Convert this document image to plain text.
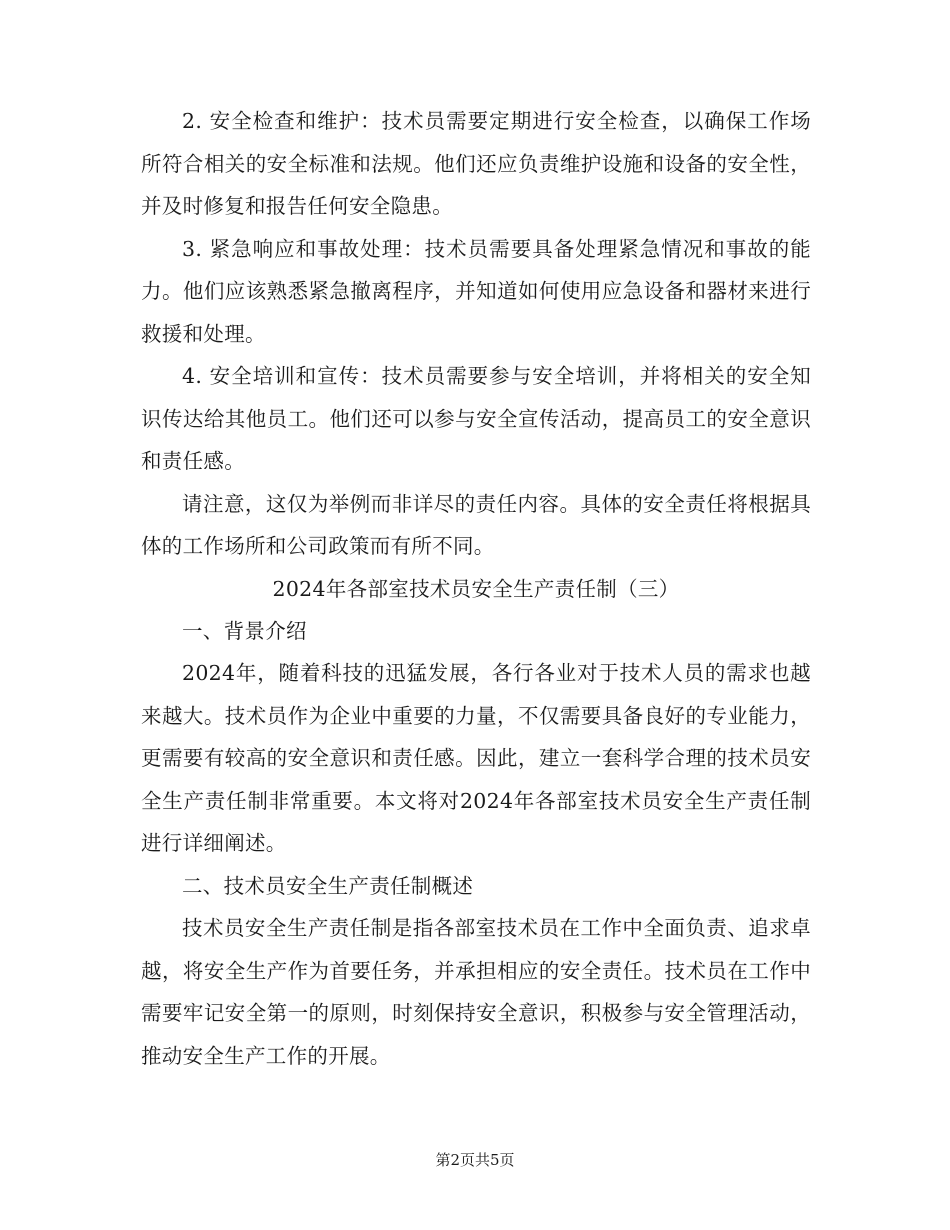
2. 安全检查和维护：技术员需要定期进行安全检查，以确保工作场所符合相关的安全标准和法规。他们还应负责维护设施和设备的安全性，并及时修复和报告任何安全隐患。

3. 紧急响应和事故处理：技术员需要具备处理紧急情况和事故的能力。他们应该熟悉紧急撤离程序，并知道如何使用应急设备和器材来进行救援和处理。

4. 安全培训和宣传：技术员需要参与安全培训，并将相关的安全知识传达给其他员工。他们还可以参与安全宣传活动，提高员工的安全意识和责任感。

请注意，这仅为举例而非详尽的责任内容。具体的安全责任将根据具体的工作场所和公司政策而有所不同。

2024年各部室技术员安全生产责任制（三）

一、背景介绍

2024年，随着科技的迅猛发展，各行各业对于技术人员的需求也越来越大。技术员作为企业中重要的力量，不仅需要具备良好的专业能力，更需要有较高的安全意识和责任感。因此，建立一套科学合理的技术员安全生产责任制非常重要。本文将对2024年各部室技术员安全生产责任制进行详细阐述。

二、技术员安全生产责任制概述

技术员安全生产责任制是指各部室技术员在工作中全面负责、追求卓越，将安全生产作为首要任务，并承担相应的安全责任。技术员在工作中需要牢记安全第一的原则，时刻保持安全意识，积极参与安全管理活动，推动安全生产工作的开展。

第2页共5页
